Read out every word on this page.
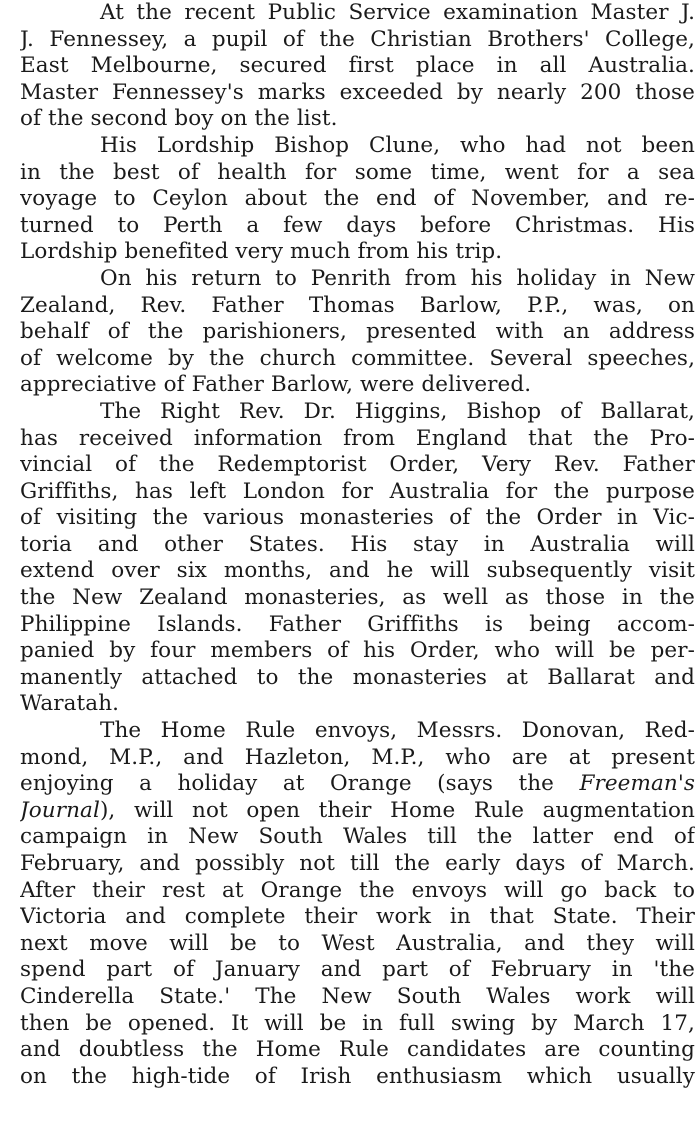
At the recent Public Service examination Master J.
J. Fennessey, a pupil of the Christian Brothers' College,
East Melbourne, secured first place in all Australia.
Master Fennessey's marks exceeded by nearly 200 those
of the second boy on the list.
His Lordship Bishop Clune, who had not been
in the best of health for some time, went for a sea
voyage to Ceylon about the end of November, and re-
turned to Perth a few days before Christmas. His
Lordship benefited very much from his trip.
On his return to Penrith from his holiday in New
Zealand, Rev. Father Thomas Barlow, P.P., was, on
behalf of the parishioners, presented with an address
of welcome by the church committee. Several speeches,
appreciative of Father Barlow, were delivered.
The Right Rev. Dr. Higgins, Bishop of Ballarat,
has received information from England that the Pro-
vincial of the Redemptorist Order, Very Rev. Father
Griffiths, has left London for Australia for the purpose
of visiting the various monasteries of the Order in Vic-
toria and other States. His stay in Australia will
extend over six months, and he will subsequently visit
the New Zealand monasteries, as well as those in the
Philippine Islands. Father Griffiths is being accom-
panied by four members of his Order, who will be per-
manently attached to the monasteries at Ballarat and
Waratah.
The Home Rule envoys, Messrs. Donovan, Red-
mond, M.P., and Hazleton, M.P., who are at present
enjoying a holiday at Orange (says the Freeman's
Journal), will not open their Home Rule augmentation
campaign in New South Wales till the latter end of
February, and possibly not till the early days of March.
After their rest at Orange the envoys will go back to
Victoria and complete their work in that State. Their
next move will be to West Australia, and they will
spend part of January and part of February in 'the
Cinderella State.' The New South Wales work will
then be opened. It will be in full swing by March 17,
and doubtless the Home Rule candidates are counting
on the high-tide of Irish enthusiasm which usually
